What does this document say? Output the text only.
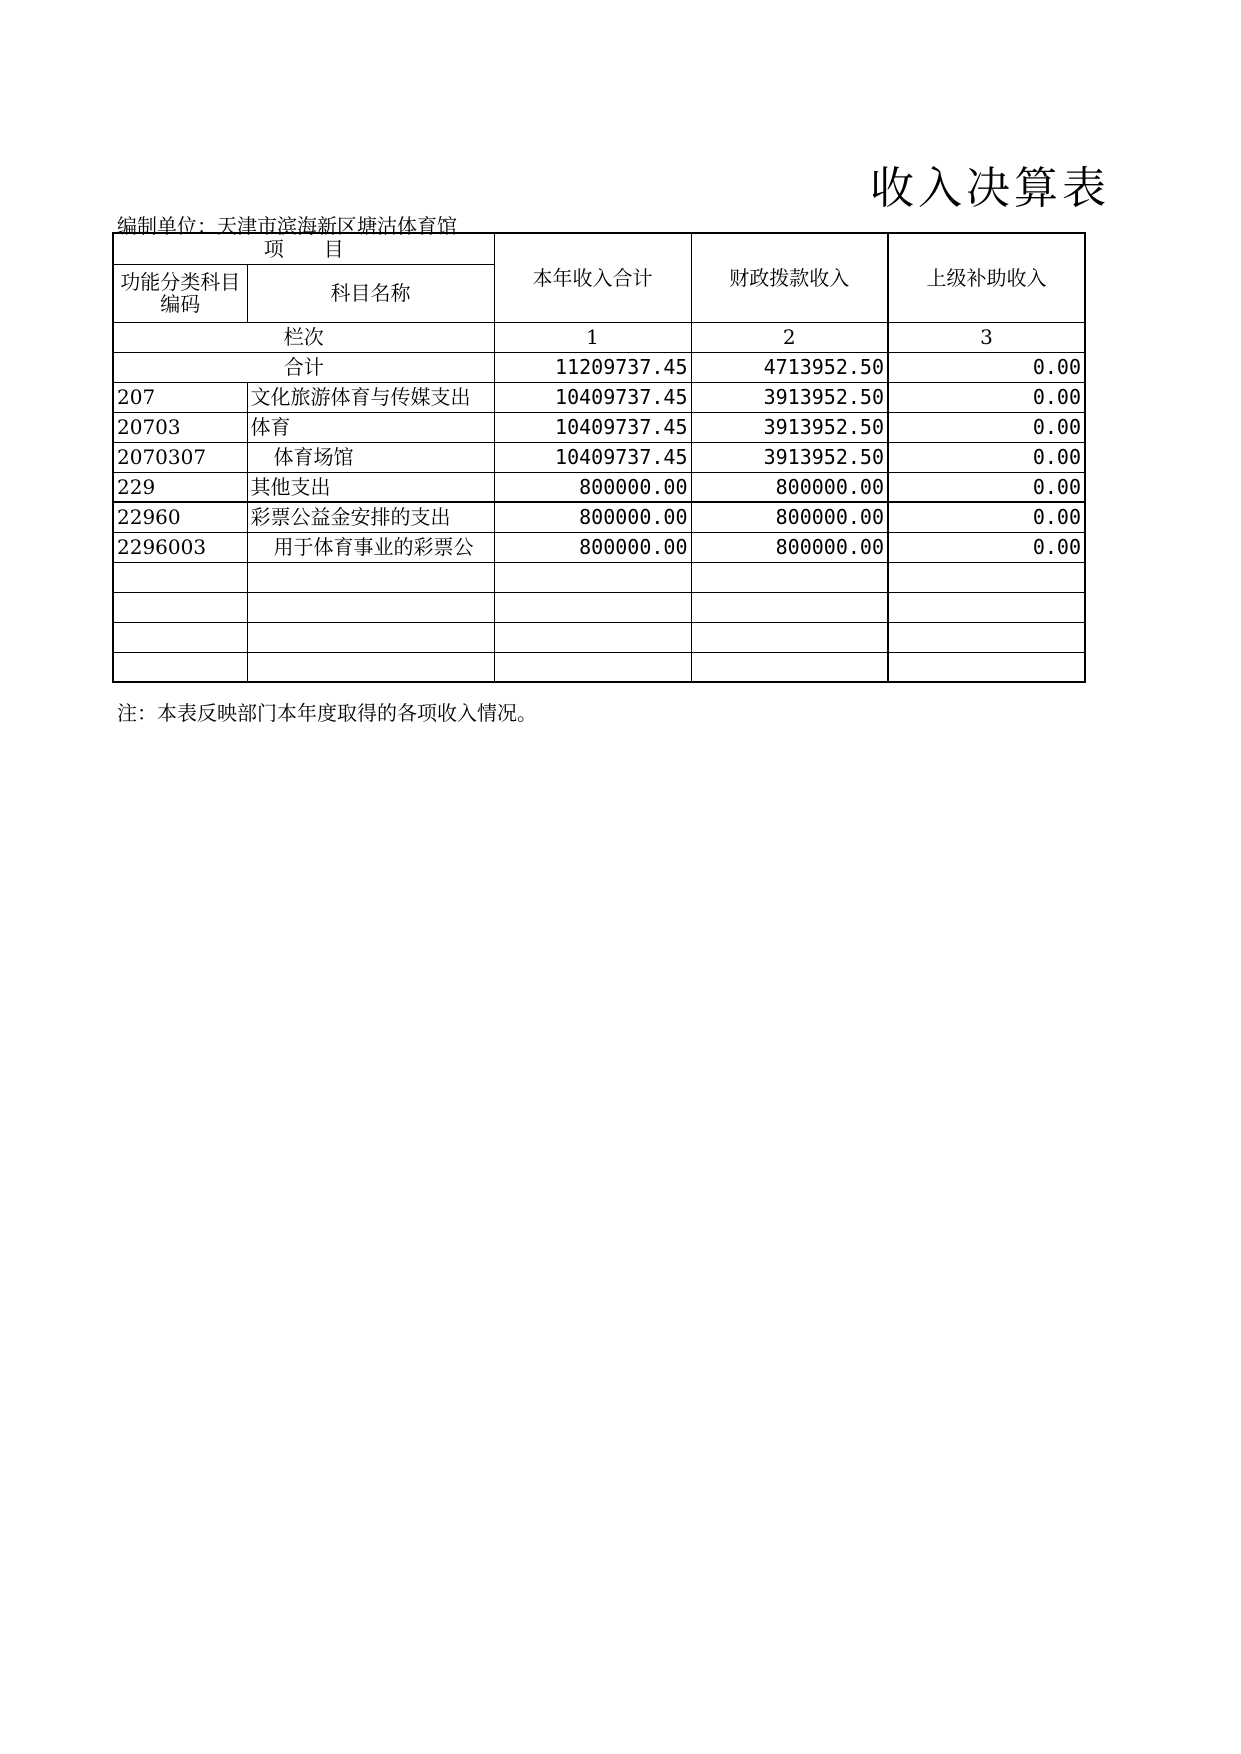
收入决算表
编制单位：天津市滨海新区塘沽体育馆
项　　目		本年收入合计	财政拨款收入	上级补助收入
功能分类科目编码	科目名称			
栏次		1	2	3
合计		11209737.45	4713952.50	0.00
207	文化旅游体育与传媒支出	10409737.45	3913952.50	0.00
20703	体育	10409737.45	3913952.50	0.00
2070307	体育场馆	10409737.45	3913952.50	0.00
229	其他支出	800000.00	800000.00	0.00
22960	彩票公益金安排的支出	800000.00	800000.00	0.00
2296003	用于体育事业的彩票公	800000.00	800000.00	0.00

注：本表反映部门本年度取得的各项收入情况。
